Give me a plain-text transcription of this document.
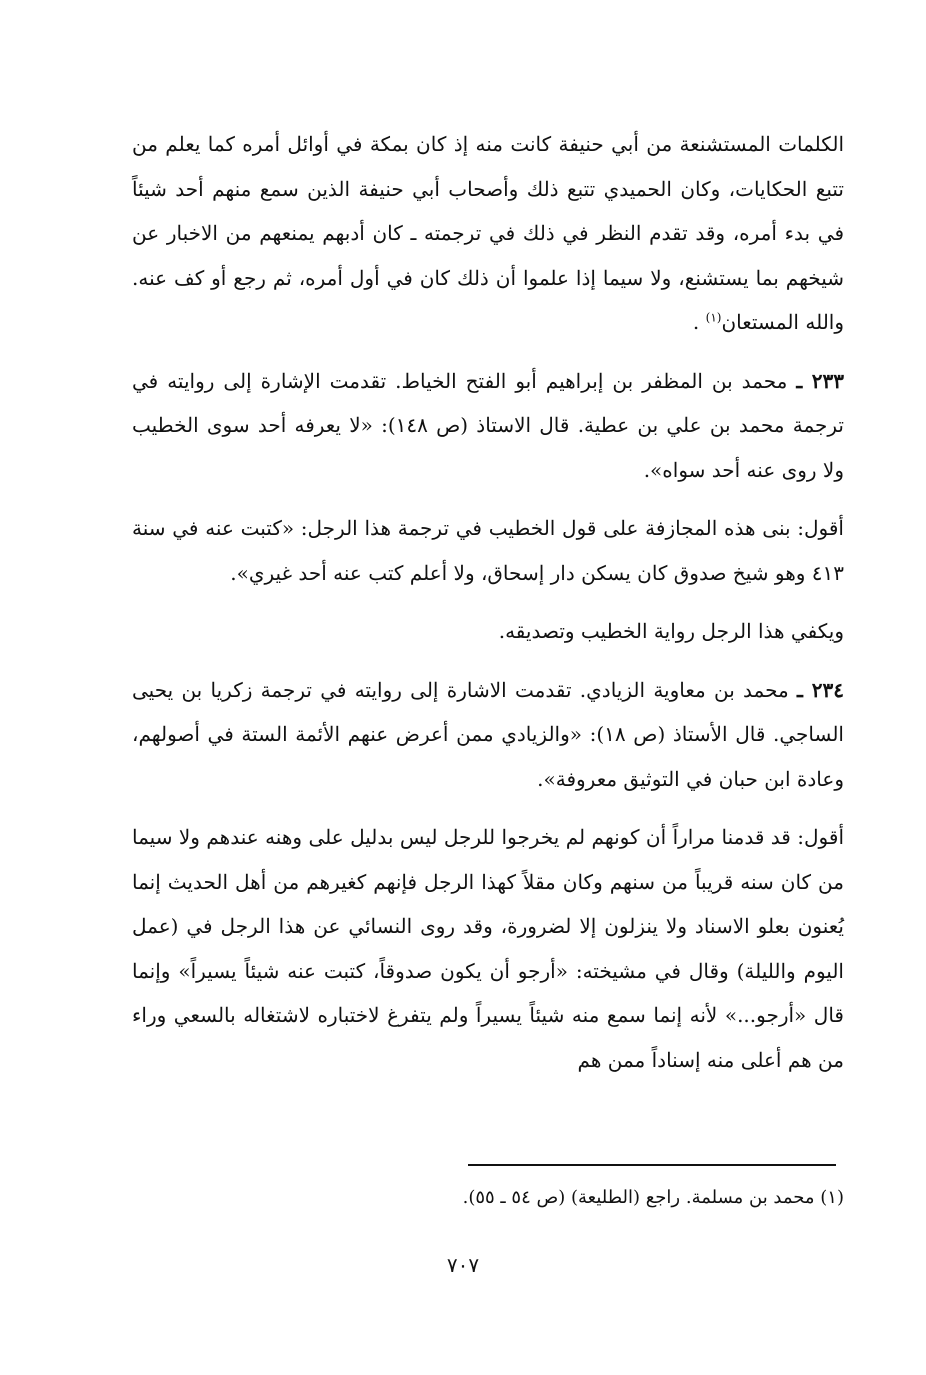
الكلمات المستشنعة من أبي حنيفة كانت منه إذ كان بمكة في أوائل أمره كما يعلم من تتبع الحكايات، وكان الحميدي تتبع ذلك وأصحاب أبي حنيفة الذين سمع منهم أحد شيئاً في بدء أمره، وقد تقدم النظر في ذلك في ترجمته ـ كان أدبهم يمنعهم من الاخبار عن شيخهم بما يستشنع، ولا سيما إذا علموا أن ذلك كان في أول أمره، ثم رجع أو كف عنه. والله المستعان$^{(١)}$ .

٢٣٣ ـ محمد بن المظفر بن إبراهيم أبو الفتح الخياط. تقدمت الإشارة إلى روايته في ترجمة محمد بن علي بن عطية. قال الاستاذ (ص ١٤٨): «لا يعرفه أحد سوى الخطيب ولا روى عنه أحد سواه».

أقول: بنى هذه المجازفة على قول الخطيب في ترجمة هذا الرجل: «كتبت عنه في سنة ٤١٣ وهو شيخ صدوق كان يسكن دار إسحاق، ولا أعلم كتب عنه أحد غيري».

ويكفي هذا الرجل رواية الخطيب وتصديقه.

٢٣٤ ـ محمد بن معاوية الزيادي. تقدمت الاشارة إلى روايته في ترجمة زكريا بن يحيى الساجي. قال الأستاذ (ص ١٨): «والزيادي ممن أعرض عنهم الأئمة الستة في أصولهم، وعادة ابن حبان في التوثيق معروفة».

أقول: قد قدمنا مراراً أن كونهم لم يخرجوا للرجل ليس بدليل على وهنه عندهم ولا سيما من كان سنه قريباً من سنهم وكان مقلاً كهذا الرجل فإنهم كغيرهم من أهل الحديث إنما يُعنون بعلو الاسناد ولا ينزلون إلا لضرورة، وقد روى النسائي عن هذا الرجل في (عمل اليوم والليلة) وقال في مشيخته: «أرجو أن يكون صدوقاً، كتبت عنه شيئاً يسيراً» وإنما قال «أرجو...» لأنه إنما سمع منه شيئاً يسيراً ولم يتفرغ لاختباره لاشتغاله بالسعي وراء من هم أعلى منه إسناداً ممن هم

(١) محمد بن مسلمة. راجع (الطليعة) (ص ٥٤ ـ ٥٥).
٧٠٧
